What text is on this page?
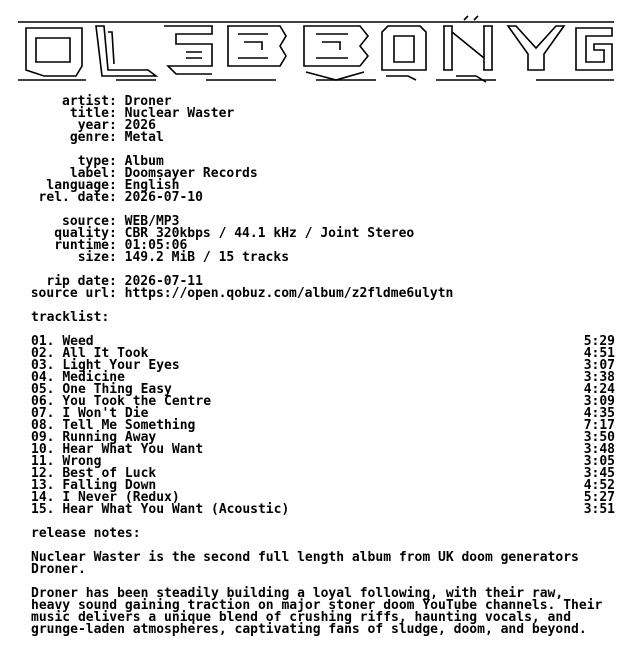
artist : Droner
title : Nuclear Waster
year : 2026
genre : Metal
type : Album
label : Doomsayer Records
language : English
rel. date : 2026-07-10
source : WEB/MP3
quality : CBR 320kbps / 44.1 kHz / Joint Stereo
runtime : 01:05:06
size : 149.2 MiB / 15 tracks
rip date : 2026-07-11
source url : https://open.qobuz.com/album/z2fldme6ulytn
tracklist:
01. Weed	5:29
02. All It Took	4:51
03. Light Your Eyes	3:07
04. Medicine	3:38
05. One Thing Easy	4:24
06. You Took the Centre	3:09
07. I Won't Die	4:35
08. Tell Me Something	7:17
09. Running Away	3:50
10. Hear What You Want	3:48
11. Wrong	3:05
12. Best of Luck	3:45
13. Falling Down	4:52
14. I Never (Redux)	5:27
15. Hear What You Want (Acoustic)	3:51
release notes:
Nuclear Waster is the second full length album from UK doom generators
Droner.
Droner has been steadily building a loyal following, with their raw,
heavy sound gaining traction on major stoner doom YouTube channels. Their
music delivers a unique blend of crushing riffs, haunting vocals, and
grunge-laden atmospheres, captivating fans of sludge, doom, and beyond.
